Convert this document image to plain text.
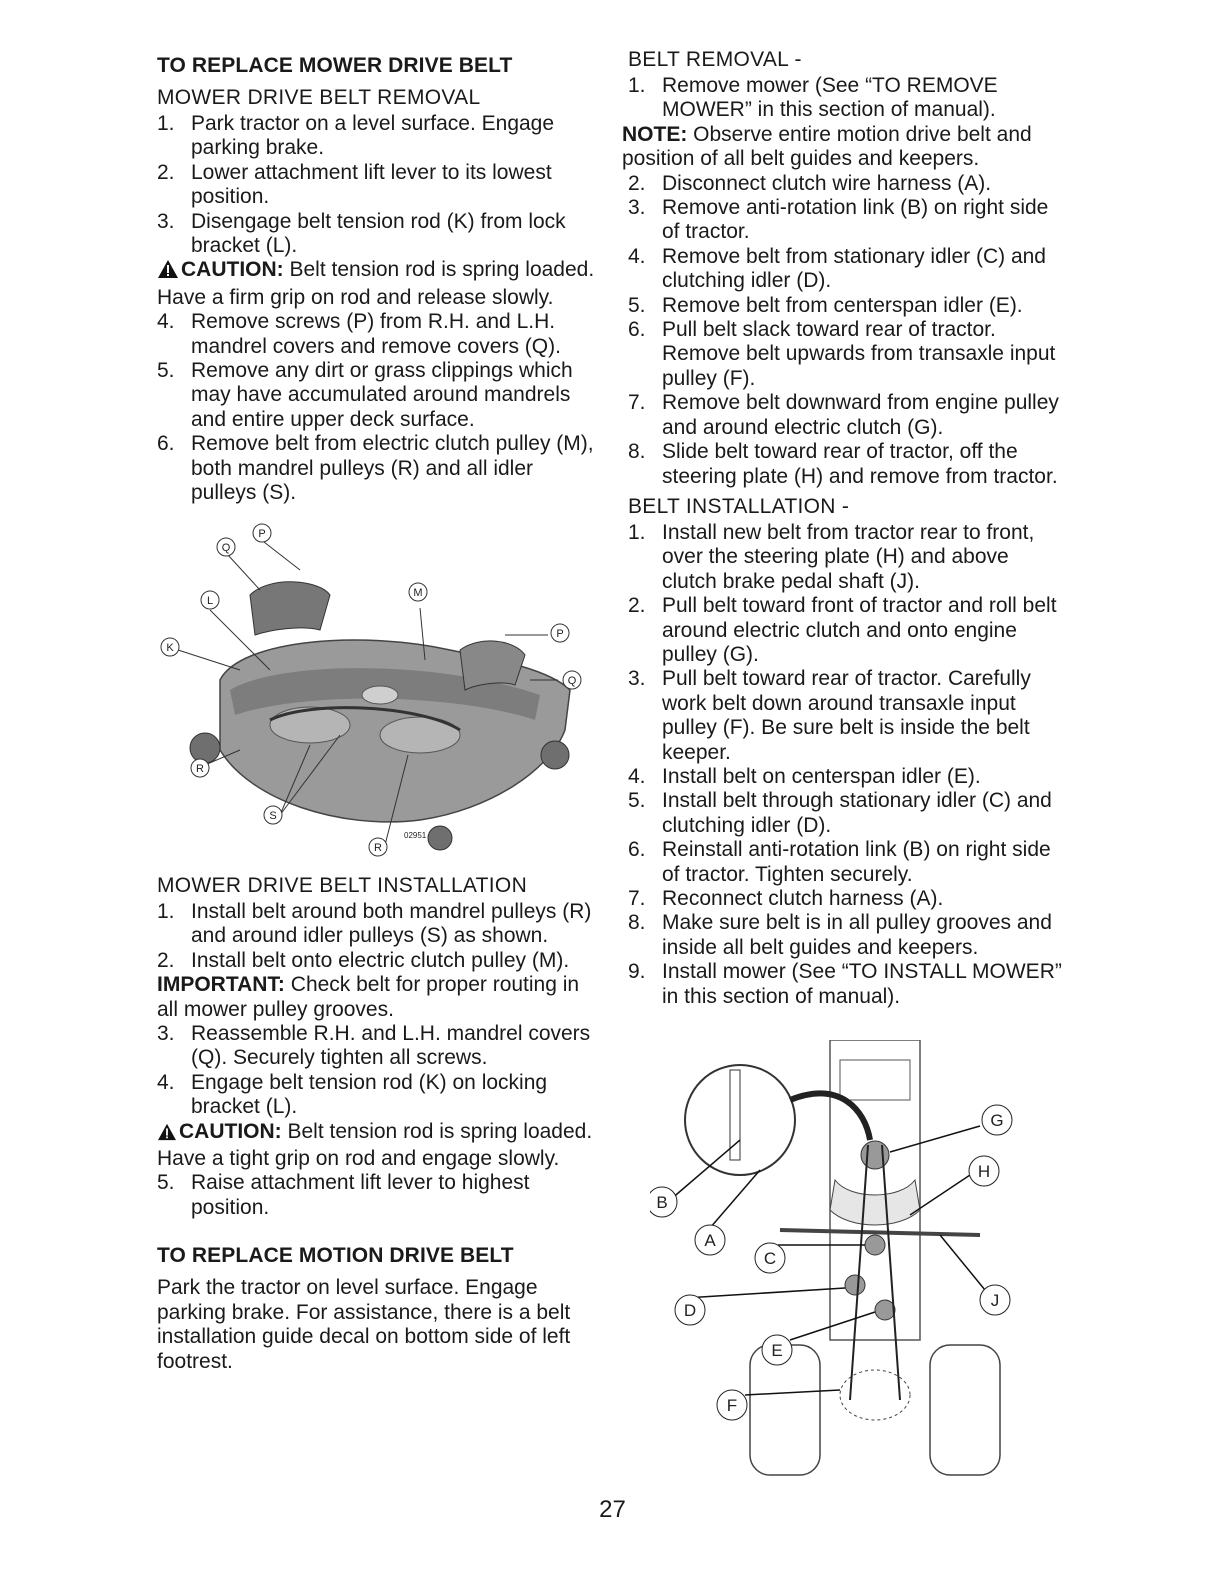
TO REPLACE MOWER DRIVE BELT
MOWER DRIVE BELT REMOVAL
1. Park tractor on a level surface. Engage parking brake.
2. Lower attachment lift lever to its lowest position.
3. Disengage belt tension rod (K) from lock bracket (L).

CAUTION: Belt tension rod is spring loaded. Have a firm grip on rod and release slowly.

4. Remove screws (P) from R.H. and L.H. mandrel covers and remove covers (Q).
5. Remove any dirt or grass clippings which may have accumulated around mandrels and entire upper deck surface.
6. Remove belt from electric clutch pulley (M), both mandrel pulleys (R) and all idler pulleys (S).
Q
P
L
M
K
P
Q
R
S
R
02951
MOWER DRIVE BELT INSTALLATION
1. Install belt around both mandrel pulleys (R) and around idler pulleys (S) as shown.
2. Install belt onto electric clutch pulley (M).

IMPORTANT: Check belt for proper routing in all mower pulley grooves.

3. Reassemble R.H. and L.H. mandrel covers (Q). Securely tighten all screws.
4. Engage belt tension rod (K) on locking bracket (L).

CAUTION: Belt tension rod is spring loaded. Have a tight grip on rod and engage slowly.

5. Raise attachment lift lever to highest position.
TO REPLACE MOTION DRIVE BELT

Park the tractor on level surface. Engage parking brake. For assistance, there is a belt installation guide decal on bottom side of left footrest.

BELT REMOVAL -
1. Remove mower (See “TO REMOVE MOWER” in this section of manual).

NOTE: Observe entire motion drive belt and position of all belt guides and keepers.

2. Disconnect clutch wire harness (A).
3. Remove anti-rotation link (B) on right side of tractor.
4. Remove belt from stationary idler (C) and clutching idler (D).
5. Remove belt from centerspan idler (E).
6. Pull belt slack toward rear of tractor. Remove belt upwards from transaxle input pulley (F).
7. Remove belt downward from engine pulley and around electric clutch (G).
8. Slide belt toward rear of tractor, off the steering plate (H) and remove from tractor.
BELT INSTALLATION -
1. Install new belt from tractor rear to front, over the steering plate (H) and above clutch brake pedal shaft (J).
2. Pull belt toward front of tractor and roll belt around electric clutch and onto engine pulley (G).
3. Pull belt toward rear of tractor. Carefully work belt down around transaxle input pulley (F). Be sure belt is inside the belt keeper.
4. Install belt on centerspan idler (E).
5. Install belt through stationary idler (C) and clutching idler (D).
6. Reinstall anti-rotation link (B) on right side of tractor. Tighten securely.
7. Reconnect clutch harness (A).
8. Make sure belt is in all pulley grooves and inside all belt guides and keepers.
9. Install mower (See “TO INSTALL MOWER” in this section of manual).
G
H
B
A
C
D
J
E
F
27
